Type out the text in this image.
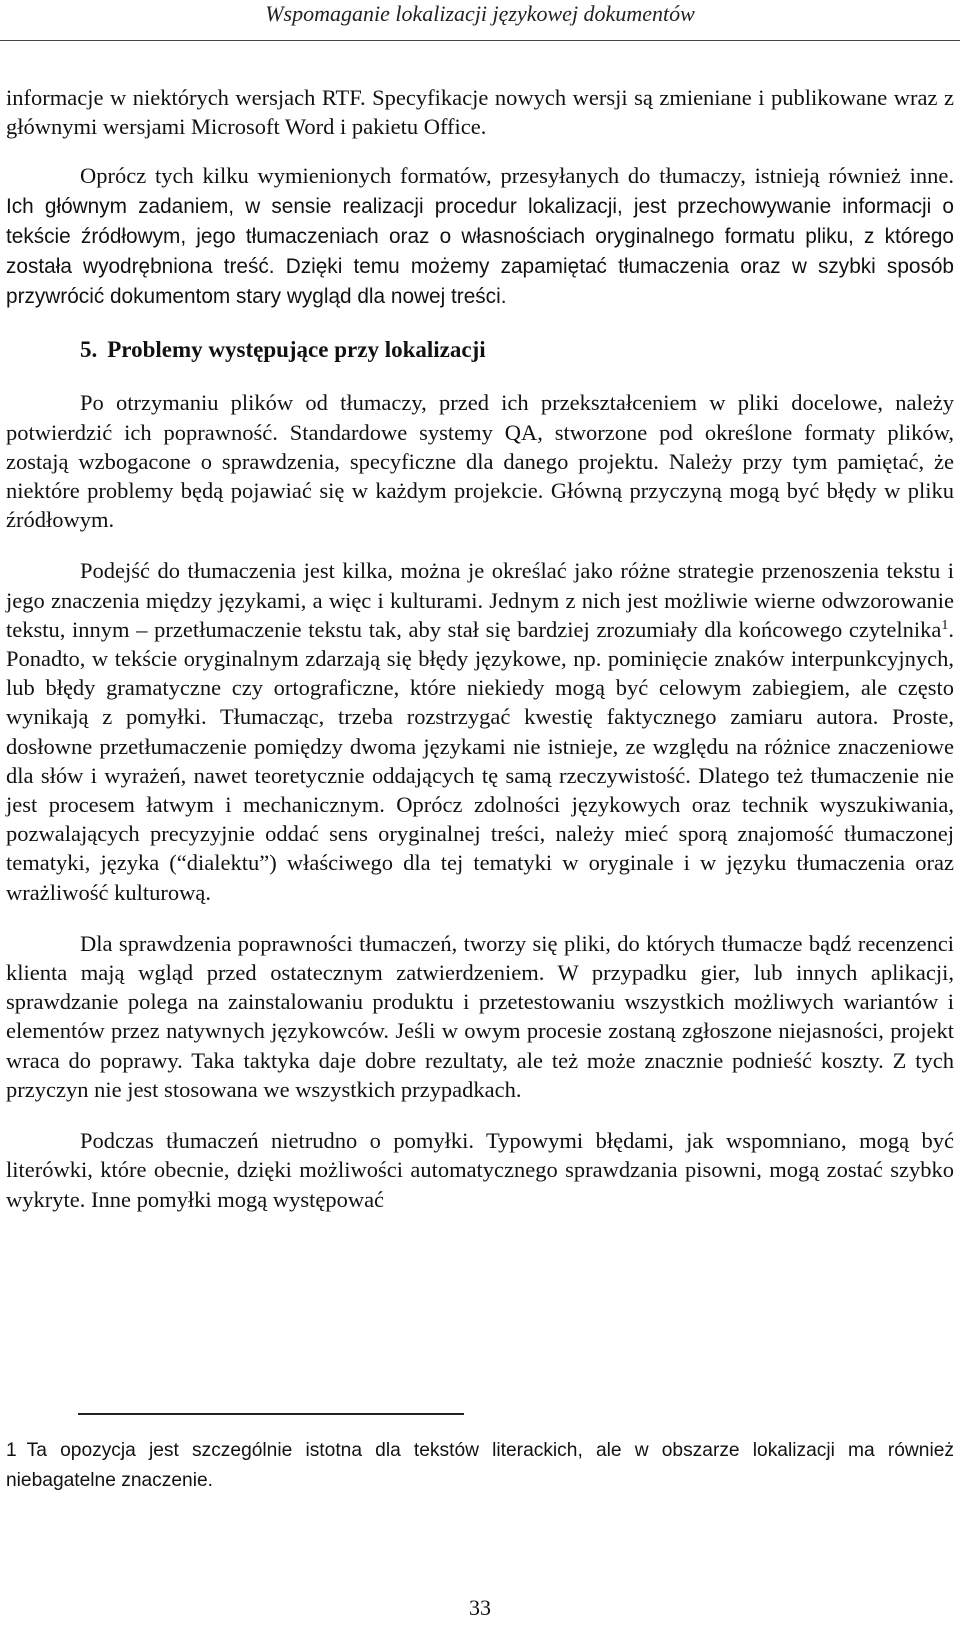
Wspomaganie lokalizacji językowej dokumentów

informacje w niektórych wersjach RTF. Specyfikacje nowych wersji są zmieniane i publikowane wraz z głównymi wersjami Microsoft Word i pakietu Office.

Oprócz tych kilku wymienionych formatów, przesyłanych do tłumaczy, istnieją również inne. Ich głównym zadaniem, w sensie realizacji procedur lokalizacji, jest przechowywanie informacji o tekście źródłowym, jego tłumaczeniach oraz o własnościach oryginalnego formatu pliku, z którego została wyodrębniona treść. Dzięki temu możemy zapamiętać tłumaczenia oraz w szybki sposób przywrócić dokumentom stary wygląd dla nowej treści.

5. Problemy występujące przy lokalizacji

Po otrzymaniu plików od tłumaczy, przed ich przekształceniem w pliki docelowe, należy potwierdzić ich poprawność. Standardowe systemy QA, stworzone pod określone formaty plików, zostają wzbogacone o sprawdzenia, specyficzne dla danego projektu. Należy przy tym pamiętać, że niektóre problemy będą pojawiać się w każdym projekcie. Główną przyczyną mogą być błędy w pliku źródłowym.

Podejść do tłumaczenia jest kilka, można je określać jako różne strategie przenoszenia tekstu i jego znaczenia między językami, a więc i kulturami. Jednym z nich jest możliwie wierne odwzorowanie tekstu, innym – przetłumaczenie tekstu tak, aby stał się bardziej zrozumiały dla końcowego czytelnika$^1$. Ponadto, w tekście oryginalnym zdarzają się błędy językowe, np. pominięcie znaków interpunkcyjnych, lub błędy gramatyczne czy ortograficzne, które niekiedy mogą być celowym zabiegiem, ale często wynikają z pomyłki. Tłumacząc, trzeba rozstrzygać kwestię faktycznego zamiaru autora. Proste, dosłowne przetłumaczenie pomiędzy dwoma językami nie istnieje, ze względu na różnice znaczeniowe dla słów i wyrażeń, nawet teoretycznie oddających tę samą rzeczywistość. Dlatego też tłumaczenie nie jest procesem łatwym i mechanicznym. Oprócz zdolności językowych oraz technik wyszukiwania, pozwalających precyzyjnie oddać sens oryginalnej treści, należy mieć sporą znajomość tłumaczonej tematyki, języka (“dialektu”) właściwego dla tej tematyki w oryginale i w języku tłumaczenia oraz wrażliwość kulturową.

Dla sprawdzenia poprawności tłumaczeń, tworzy się pliki, do których tłumacze bądź recenzenci klienta mają wgląd przed ostatecznym zatwierdzeniem. W przypadku gier, lub innych aplikacji, sprawdzanie polega na zainstalowaniu produktu i przetestowaniu wszystkich możliwych wariantów i elementów przez natywnych językowców. Jeśli w owym procesie zostaną zgłoszone niejasności, projekt wraca do poprawy. Taka taktyka daje dobre rezultaty, ale też może znacznie podnieść koszty. Z tych przyczyn nie jest stosowana we wszystkich przypadkach.

Podczas tłumaczeń nietrudno o pomyłki. Typowymi błędami, jak wspomniano, mogą być literówki, które obecnie, dzięki możliwości automatycznego sprawdzania pisowni, mogą zostać szybko wykryte. Inne pomyłki mogą występować

1 Ta opozycja jest szczególnie istotna dla tekstów literackich, ale w obszarze lokalizacji ma również niebagatelne znaczenie.

33
